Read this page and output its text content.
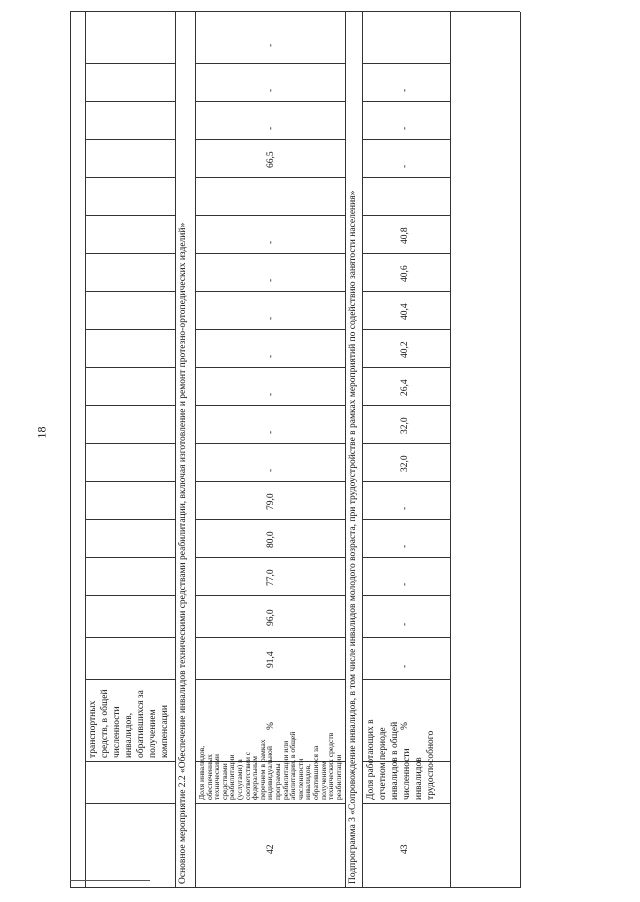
18
транспортных средств, в общей численности инвалидов, обратившихся за получением компенсации Основное мероприятие 2.2 «Обеспечение инвалидов техническими средствами реабилитации, включая изготовление и ремонт протезно-ортопедических изделий»	42
Доля инвалидов,
обеспеченных
техническими
средствами
реабилитации
(услугами) в
соответствии с
федеральным
перечнем в рамках
индивидуальной
программы
реабилитации или
абилитации, в общей
численности
инвалидов,
обратившихся за
получением
технических средств
реабилитации
%
91,4
96,0
77,0
80,0
79,0
-
-
-
-
-
-
-
66,5
-
-
-
Подпрограмма 3 «Сопровождение инвалидов, в том числе инвалидов молодого возраста, при трудоустройстве в рамках мероприятий по содействию занятости населения»	43
Доля работающих в отчетном периоде инвалидов в общей численности инвалидов трудоспособного
%
-
-
-
-
-
32,0
32,0
26,4
40,2
40,4
40,6
40,8
-
-
-
